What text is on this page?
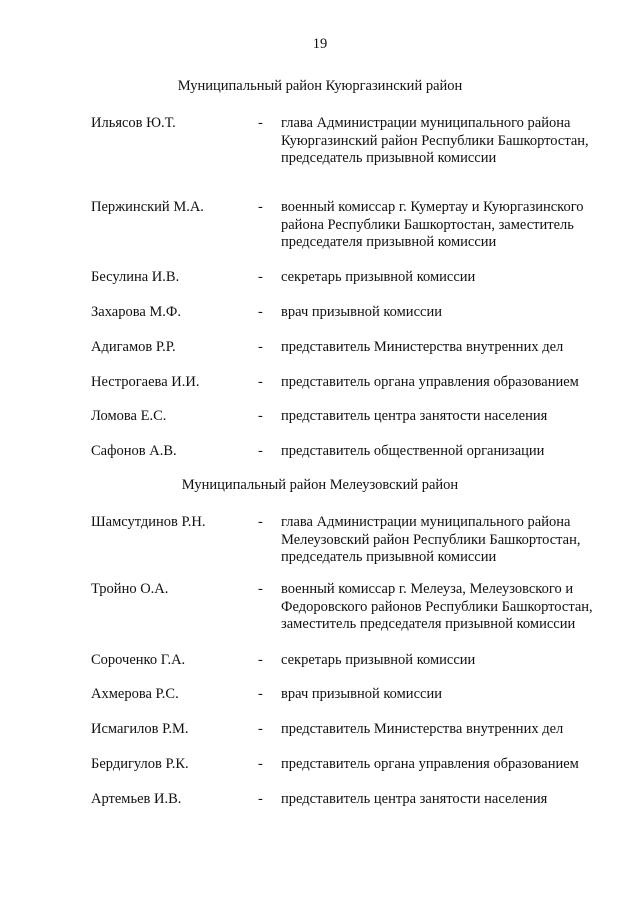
19
Муниципальный район Куюргазинский район
Ильясов Ю.Т.	- глава Администрации муниципального района Куюргазинский район Республики Башкортостан, председатель призывной комиссии
Пержинский М.А.	- военный комиссар г. Кумертау и Куюргазинского района Республики Башкортостан, заместитель председателя призывной комиссии
Бесулина И.В.	- секретарь призывной комиссии
Захарова М.Ф.	- врач призывной комиссии
Адигамов Р.Р.	- представитель Министерства внутренних дел
Нестрогаева И.И.	- представитель органа управления образованием
Ломова Е.С.	- представитель центра занятости населения
Сафонов А.В.	- представитель общественной организации
Муниципальный район Мелеузовский район
Шамсутдинов Р.Н.	- глава Администрации муниципального района Мелеузовский район Республики Башкортостан, председатель призывной комиссии
Тройно О.А.	- военный комиссар г. Мелеуза, Мелеузовского и Федоровского районов Республики Башкортостан, заместитель председателя призывной комиссии
Сороченко Г.А.	- секретарь призывной комиссии
Ахмерова Р.С.	- врач призывной комиссии
Исмагилов Р.М.	- представитель Министерства внутренних дел
Бердигулов Р.К.	- представитель органа управления образованием
Артемьев И.В.	- представитель центра занятости населения
